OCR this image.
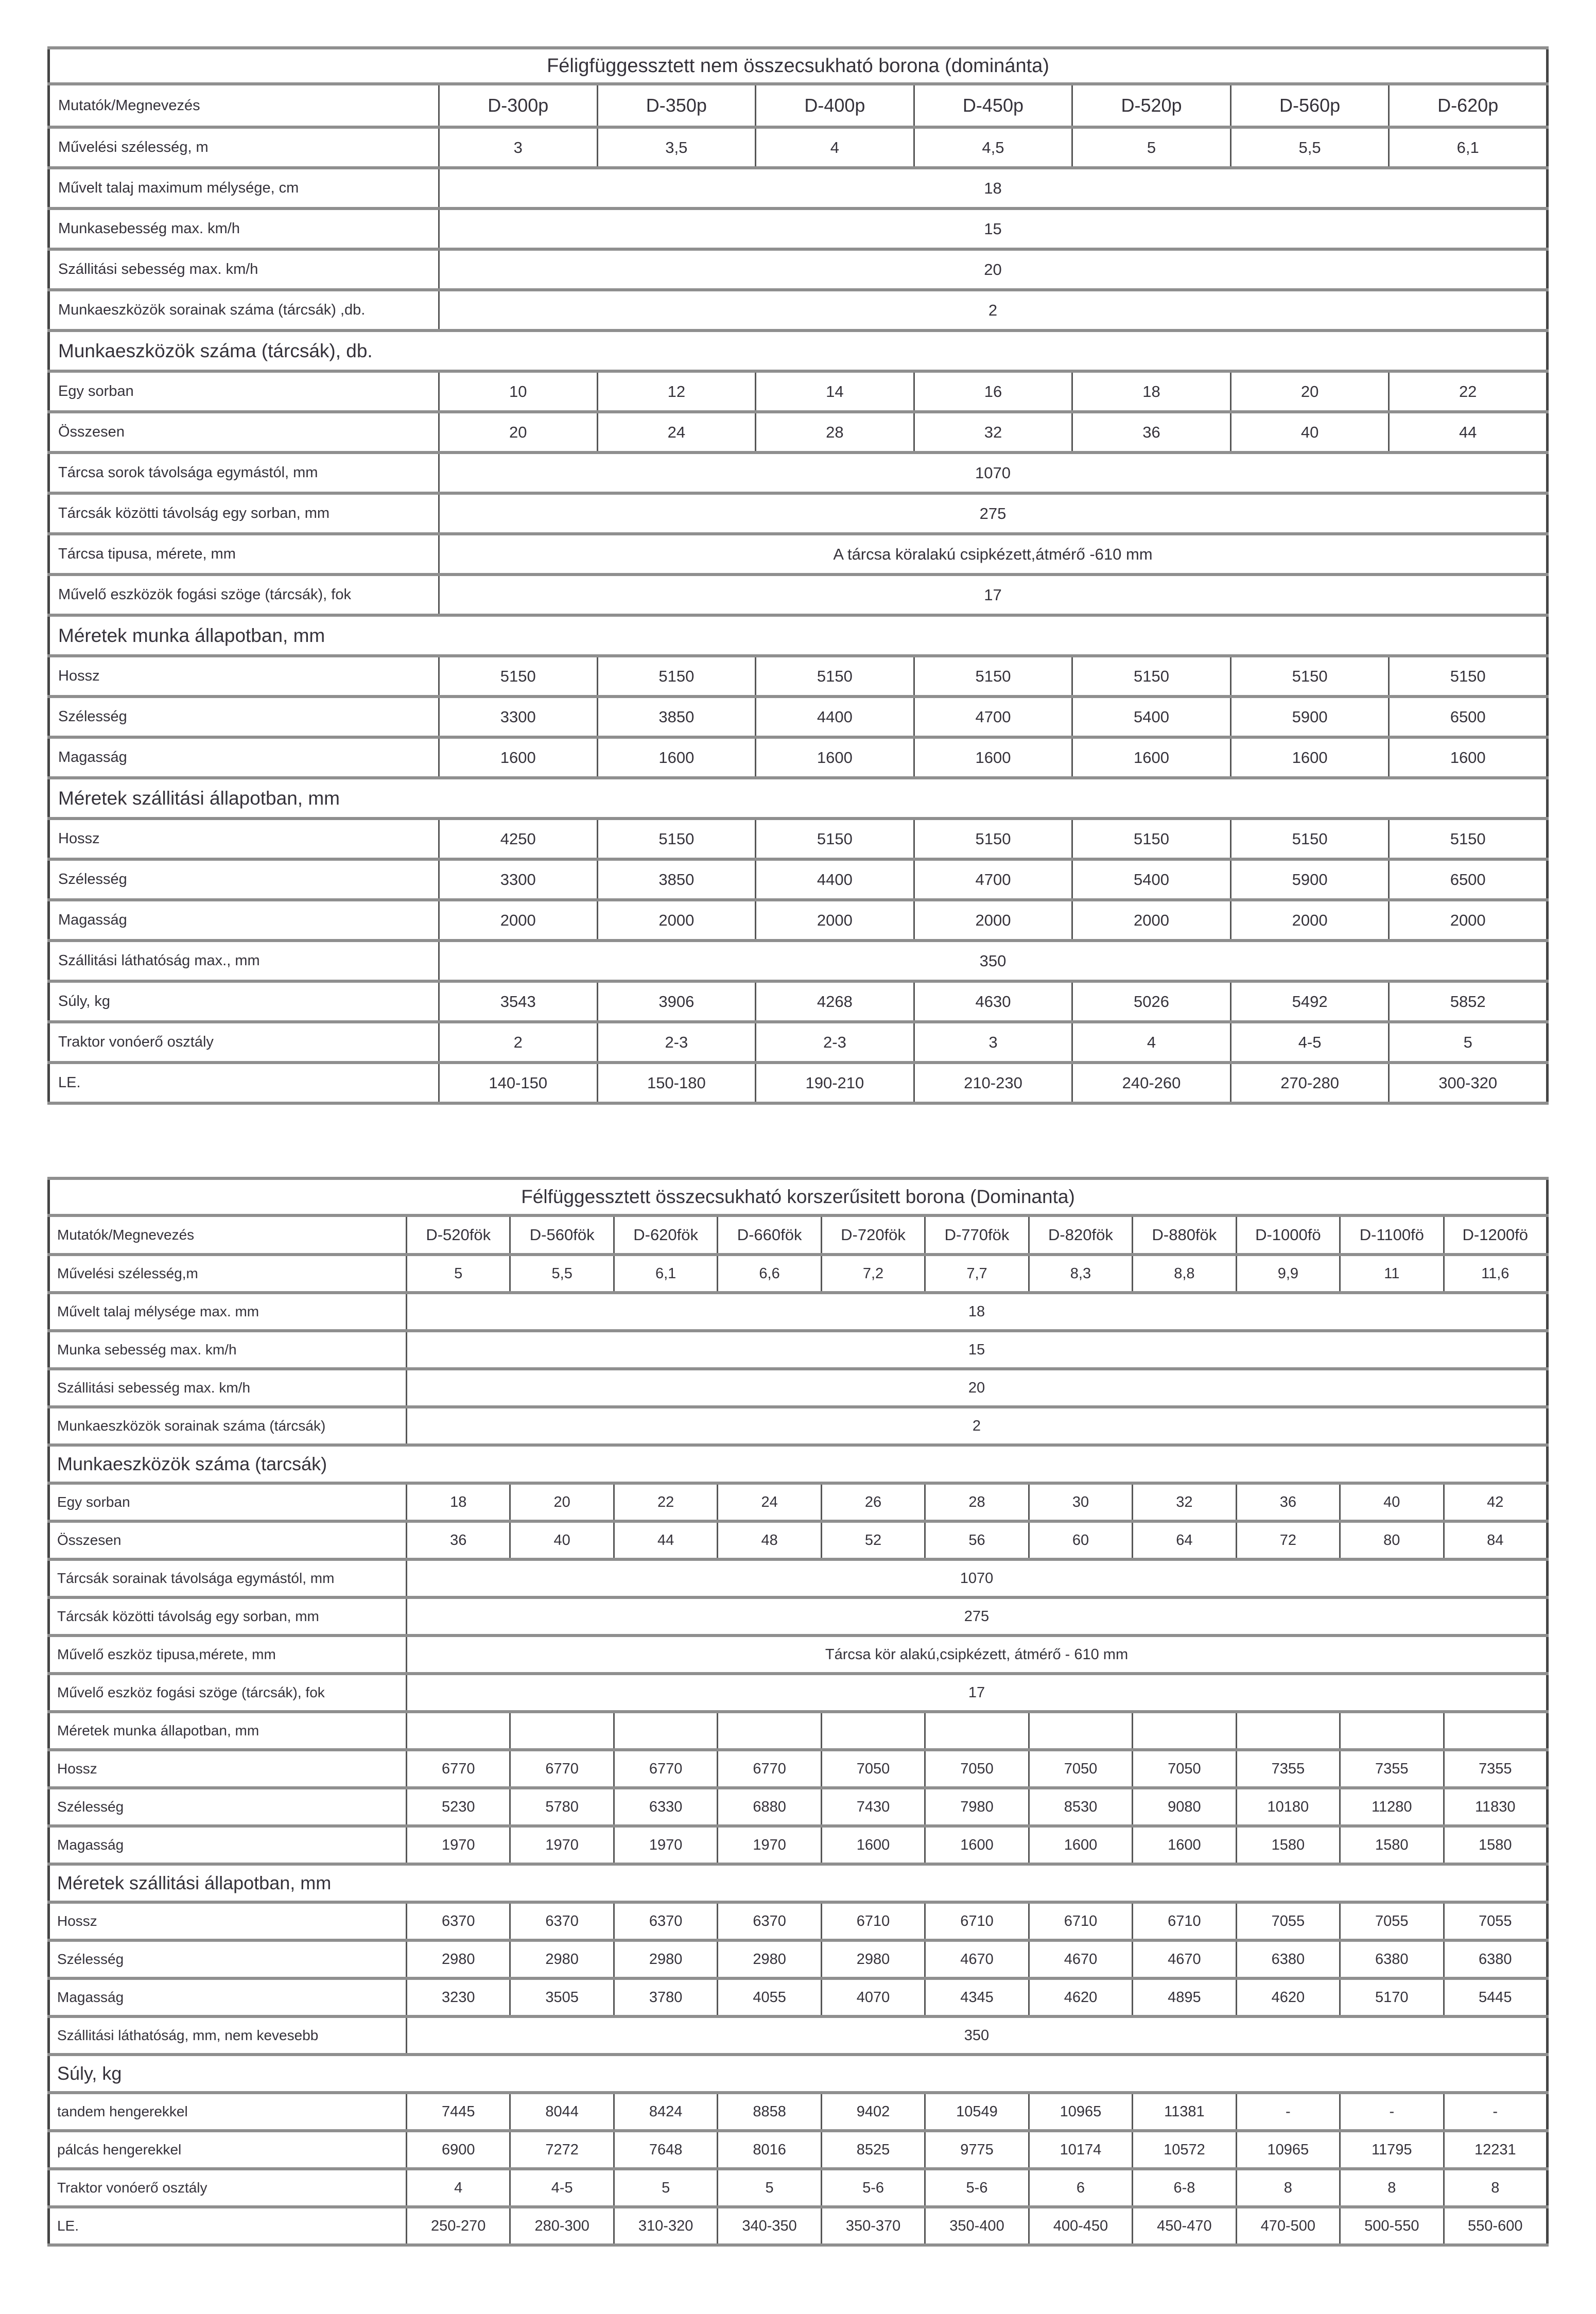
Féligfüggessztett nem összecsukható borona (dominánta)							
Mutatók/Megnevezés	D-300p	D-350p	D-400p	D-450p	D-520p	D-560p	D-620p
Művelési szélesség, m	3	3,5	4	4,5	5	5,5	6,1
Művelt talaj maximum mélysége, cm	18						
Munkasebesség max. km/h	15						
Szállitási sebesség max. km/h	20						
Munkaeszközök sorainak száma (tárcsák) ,db.	2						
Munkaeszközök száma (tárcsák), db.							
Egy sorban	10	12	14	16	18	20	22
Összesen	20	24	28	32	36	40	44
Tárcsa sorok távolsága egymástól, mm	1070						
Tárcsák közötti távolság egy sorban, mm	275						
Tárcsa tipusa, mérete, mm	A tárcsa köralakú csipkézett,átmérő -610 mm						
Művelő eszközök fogási szöge (tárcsák), fok	17						
Méretek munka állapotban, mm							
Hossz	5150	5150	5150	5150	5150	5150	5150
Szélesség	3300	3850	4400	4700	5400	5900	6500
Magasság	1600	1600	1600	1600	1600	1600	1600
Méretek szállitási állapotban, mm							
Hossz	4250	5150	5150	5150	5150	5150	5150
Szélesség	3300	3850	4400	4700	5400	5900	6500
Magasság	2000	2000	2000	2000	2000	2000	2000
Szállitási láthatóság max., mm	350						
Súly, kg	3543	3906	4268	4630	5026	5492	5852
Traktor vonóerő osztály	2	2-3	2-3	3	4	4-5	5
LE.	140-150	150-180	190-210	210-230	240-260	270-280	300-320
Félfüggessztett összecsukható korszerűsitett borona (Dominanta)											
Mutatók/Megnevezés	D-520fök	D-560fök	D-620fök	D-660fök	D-720fök	D-770fök	D-820fök	D-880fök	D-1000fö	D-1100fö	D-1200fö
Művelési szélesség,m	5	5,5	6,1	6,6	7,2	7,7	8,3	8,8	9,9	11	11,6
Művelt talaj mélysége max. mm	18										
Munka sebesség max. km/h	15										
Szállitási sebesség max. km/h	20										
Munkaeszközök sorainak száma (tárcsák)	2										
Munkaeszközök száma (tarcsák)											
Egy sorban	18	20	22	24	26	28	30	32	36	40	42
Összesen	36	40	44	48	52	56	60	64	72	80	84
Tárcsák sorainak távolsága egymástól, mm	1070										
Tárcsák közötti távolság egy sorban, mm	275										
Művelő eszköz tipusa,mérete, mm	Tárcsa kör alakú,csipkézett, átmérő - 610 mm										
Művelő eszköz fogási szöge (tárcsák), fok	17										
Méretek munka állapotban, mm											
Hossz	6770	6770	6770	6770	7050	7050	7050	7050	7355	7355	7355
Szélesség	5230	5780	6330	6880	7430	7980	8530	9080	10180	11280	11830
Magasság	1970	1970	1970	1970	1600	1600	1600	1600	1580	1580	1580
Méretek szállitási állapotban, mm											
Hossz	6370	6370	6370	6370	6710	6710	6710	6710	7055	7055	7055
Szélesség	2980	2980	2980	2980	2980	4670	4670	4670	6380	6380	6380
Magasság	3230	3505	3780	4055	4070	4345	4620	4895	4620	5170	5445
Szállitási láthatóság, mm, nem kevesebb	350										
Súly, kg											
tandem hengerekkel	7445	8044	8424	8858	9402	10549	10965	11381	-	-	-
pálcás hengerekkel	6900	7272	7648	8016	8525	9775	10174	10572	10965	11795	12231
Traktor vonóerő osztály	4	4-5	5	5	5-6	5-6	6	6-8	8	8	8
LE.	250-270	280-300	310-320	340-350	350-370	350-400	400-450	450-470	470-500	500-550	550-600
